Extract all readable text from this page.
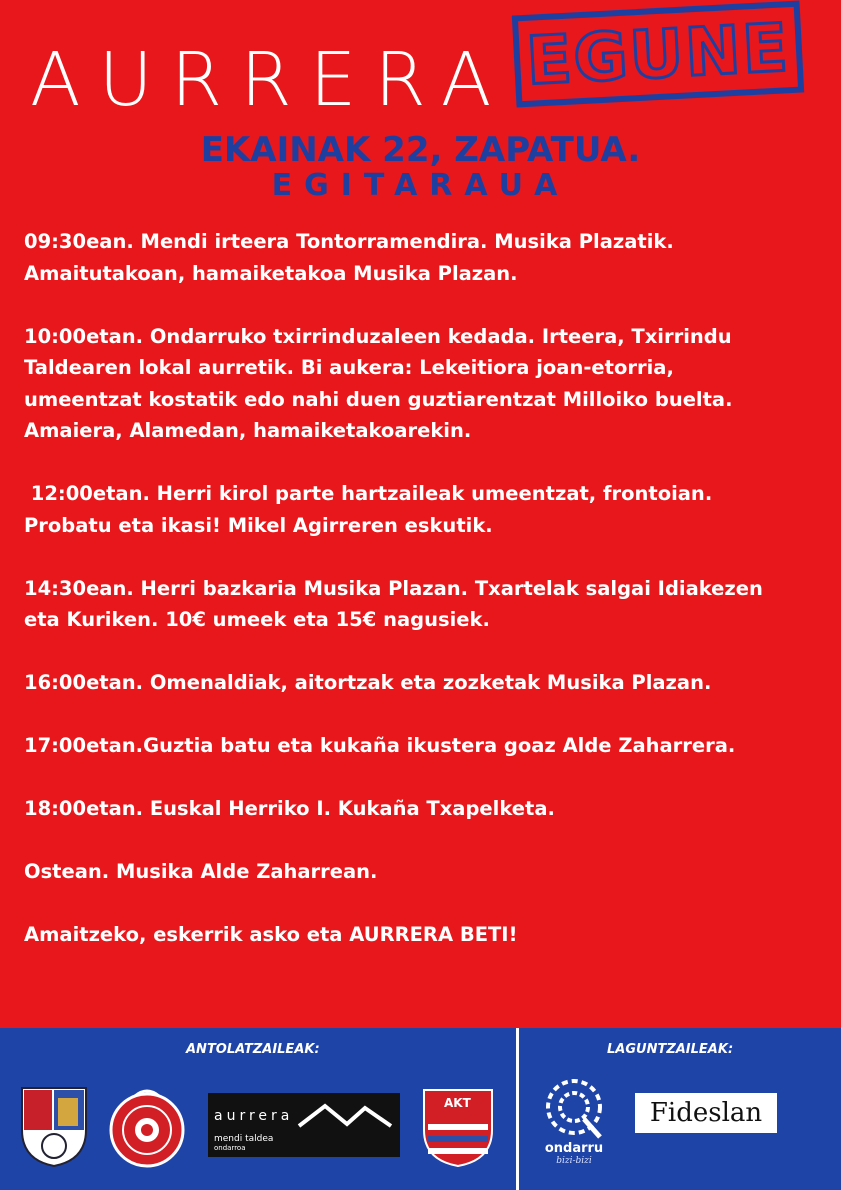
AURRERA EGUNE
EKAINAK 22, ZAPATUA.
EGITARAUA

09:30ean. Mendi irteera Tontorramendira. Musika Plazatik.
Amaitutakoan, hamaiketakoa Musika Plazan.

10:00etan. Ondarruko txirrinduzaleen kedada. Irteera, Txirrindu
Taldearen lokal aurretik. Bi aukera: Lekeitiora joan-etorria,
umeentzat kostatik edo nahi duen guztiarentzat Milloiko buelta.
Amaiera, Alamedan, hamaiketakoarekin.

12:00etan. Herri kirol parte hartzaileak umeentzat, frontoian.
Probatu eta ikasi! Mikel Agirreren eskutik.

14:30ean. Herri bazkaria Musika Plazan. Txartelak salgai Idiakezen
eta Kuriken. 10€ umeek eta 15€ nagusiek.

16:00etan. Omenaldiak, aitortzak eta zozketak Musika Plazan.

17:00etan.Guztia batu eta kukaña ikustera goaz Alde Zaharrera.

18:00etan. Euskal Herriko I. Kukaña Txapelketa.

Ostean. Musika Alde Zaharrean.

Amaitzeko, eskerrik asko eta AURRERA BETI!

ANTOLATZAILEAK:	LAGUNTZAILEAK:
aurrera
mendi taldea
ondarroa
AKT
ondarru
bizi-bizi
Fideslan
